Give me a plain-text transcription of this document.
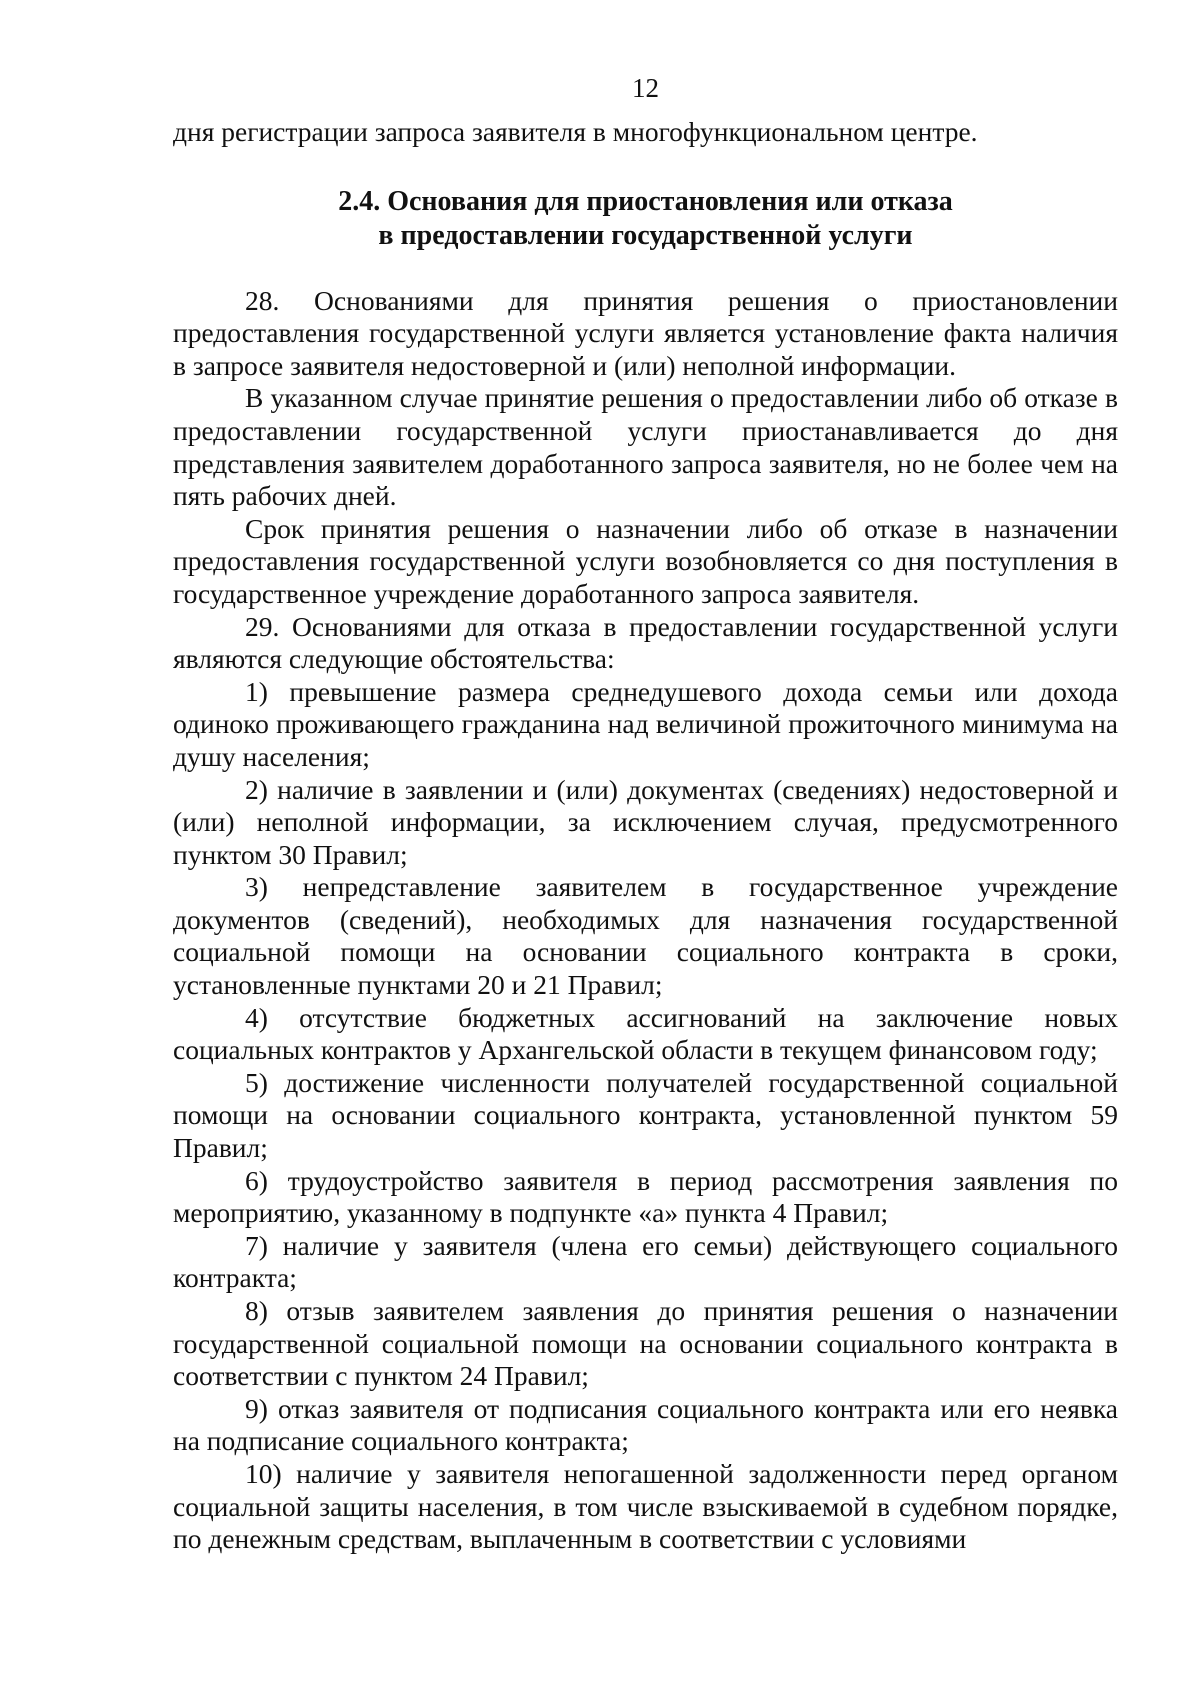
12

дня регистрации запроса заявителя в многофункциональном центре.

2.4. Основания для приостановления или отказа
в предоставлении государственной услуги

28. Основаниями для принятия решения о приостановлении предоставления государственной услуги является установление факта наличия в запросе заявителя недостоверной и (или) неполной информации.

В указанном случае принятие решения о предоставлении либо об отказе в предоставлении государственной услуги приостанавливается до дня представления заявителем доработанного запроса заявителя, но не более чем на пять рабочих дней.

Срок принятия решения о назначении либо об отказе в назначении предоставления государственной услуги возобновляется со дня поступления в государственное учреждение доработанного запроса заявителя.

29. Основаниями для отказа в предоставлении государственной услуги являются следующие обстоятельства:

1) превышение размера среднедушевого дохода семьи или дохода одиноко проживающего гражданина над величиной прожиточного минимума на душу населения;

2) наличие в заявлении и (или) документах (сведениях) недостоверной и (или) неполной информации, за исключением случая, предусмотренного пунктом 30 Правил;

3) непредставление заявителем в государственное учреждение документов (сведений), необходимых для назначения государственной социальной помощи на основании социального контракта в сроки, установленные пунктами 20 и 21 Правил;

4) отсутствие бюджетных ассигнований на заключение новых социальных контрактов у Архангельской области в текущем финансовом году;

5) достижение численности получателей государственной социальной помощи на основании социального контракта, установленной пунктом 59 Правил;

6) трудоустройство заявителя в период рассмотрения заявления по мероприятию, указанному в подпункте «а» пункта 4 Правил;

7) наличие у заявителя (члена его семьи) действующего социального контракта;

8) отзыв заявителем заявления до принятия решения о назначении государственной социальной помощи на основании социального контракта в соответствии с пунктом 24 Правил;

9) отказ заявителя от подписания социального контракта или его неявка на подписание социального контракта;

10) наличие у заявителя непогашенной задолженности перед органом социальной защиты населения, в том числе взыскиваемой в судебном порядке, по денежным средствам, выплаченным в соответствии с условиями
